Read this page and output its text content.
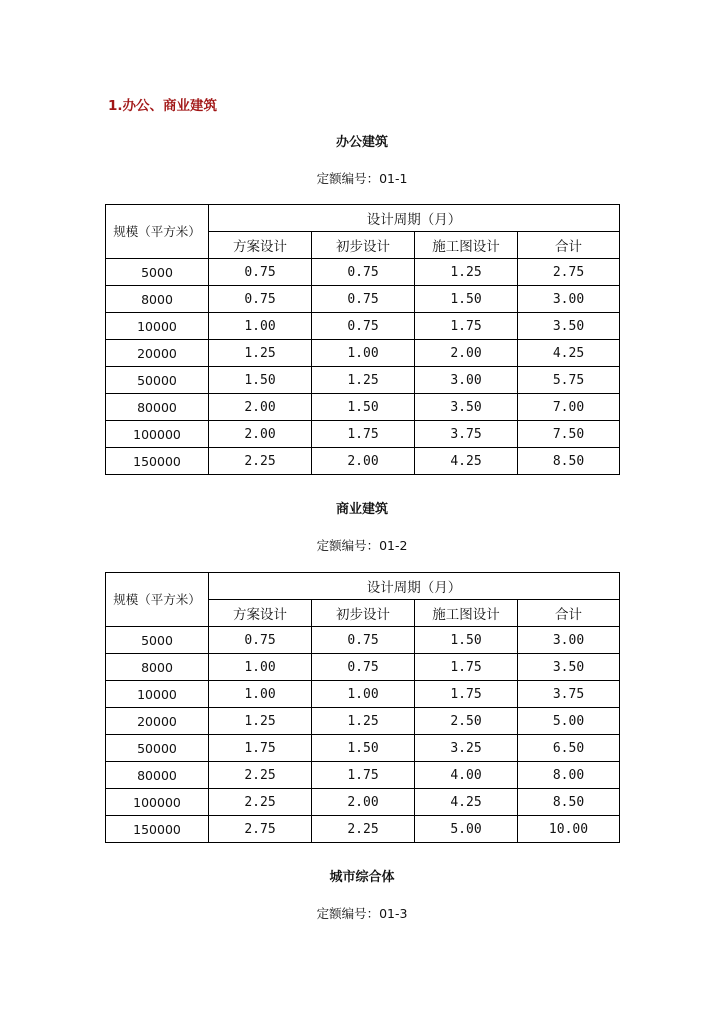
1.办公、商业建筑
办公建筑
定额编号：01-1
规模（平方米）	设计周期（月）			
	方案设计	初步设计	施工图设计	合计
5000	0.75	0.75	1.25	2.75
8000	0.75	0.75	1.50	3.00
10000	1.00	0.75	1.75	3.50
20000	1.25	1.00	2.00	4.25
50000	1.50	1.25	3.00	5.75
80000	2.00	1.50	3.50	7.00
100000	2.00	1.75	3.75	7.50
150000	2.25	2.00	4.25	8.50
商业建筑
定额编号：01-2
规模（平方米）	设计周期（月）			
	方案设计	初步设计	施工图设计	合计
5000	0.75	0.75	1.50	3.00
8000	1.00	0.75	1.75	3.50
10000	1.00	1.00	1.75	3.75
20000	1.25	1.25	2.50	5.00
50000	1.75	1.50	3.25	6.50
80000	2.25	1.75	4.00	8.00
100000	2.25	2.00	4.25	8.50
150000	2.75	2.25	5.00	10.00
城市综合体
定额编号：01-3
